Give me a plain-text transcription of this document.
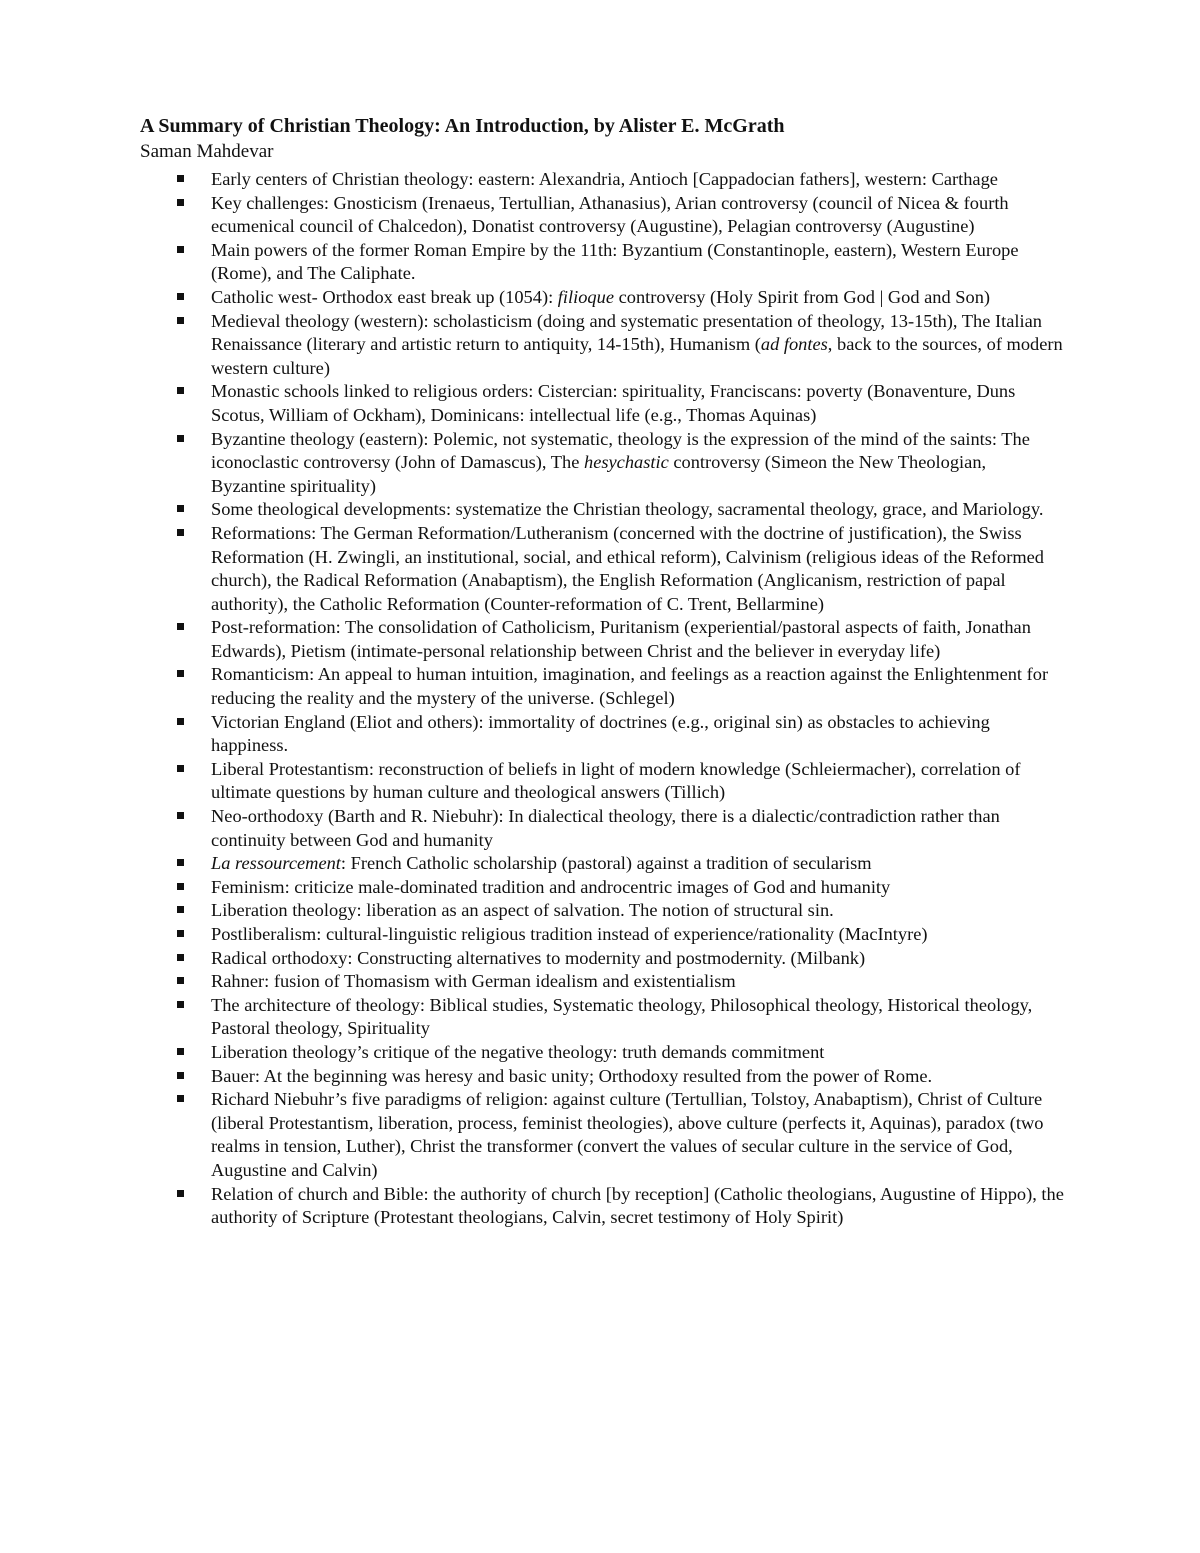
A Summary of Christian Theology: An Introduction, by Alister E. McGrath

Saman Mahdevar

Early centers of Christian theology: eastern: Alexandria, Antioch [Cappadocian fathers], western: Carthage
Key challenges: Gnosticism (Irenaeus, Tertullian, Athanasius), Arian controversy (council of Nicea & fourth ecumenical council of Chalcedon), Donatist controversy (Augustine), Pelagian controversy (Augustine)
Main powers of the former Roman Empire by the 11th: Byzantium (Constantinople, eastern), Western Europe (Rome), and The Caliphate.
Catholic west- Orthodox east break up (1054): filioque controversy (Holy Spirit from God | God and Son)
Medieval theology (western): scholasticism (doing and systematic presentation of theology, 13-15th), The Italian Renaissance (literary and artistic return to antiquity, 14-15th), Humanism (ad fontes, back to the sources, of modern western culture)
Monastic schools linked to religious orders: Cistercian: spirituality, Franciscans: poverty (Bonaventure, Duns Scotus, William of Ockham), Dominicans: intellectual life (e.g., Thomas Aquinas)
Byzantine theology (eastern): Polemic, not systematic, theology is the expression of the mind of the saints: The iconoclastic controversy (John of Damascus), The hesychastic controversy (Simeon the New Theologian, Byzantine spirituality)
Some theological developments: systematize the Christian theology, sacramental theology, grace, and Mariology.
Reformations: The German Reformation/Lutheranism (concerned with the doctrine of justification), the Swiss Reformation (H. Zwingli, an institutional, social, and ethical reform), Calvinism (religious ideas of the Reformed church), the Radical Reformation (Anabaptism), the English Reformation (Anglicanism, restriction of papal authority), the Catholic Reformation (Counter-reformation of C. Trent, Bellarmine)
Post-reformation: The consolidation of Catholicism, Puritanism (experiential/pastoral aspects of faith, Jonathan Edwards), Pietism (intimate-personal relationship between Christ and the believer in everyday life)
Romanticism: An appeal to human intuition, imagination, and feelings as a reaction against the Enlightenment for reducing the reality and the mystery of the universe. (Schlegel)
Victorian England (Eliot and others): immortality of doctrines (e.g., original sin) as obstacles to achieving happiness.
Liberal Protestantism: reconstruction of beliefs in light of modern knowledge (Schleiermacher), correlation of ultimate questions by human culture and theological answers (Tillich)
Neo-orthodoxy (Barth and R. Niebuhr): In dialectical theology, there is a dialectic/contradiction rather than continuity between God and humanity
La ressourcement: French Catholic scholarship (pastoral) against a tradition of secularism
Feminism: criticize male-dominated tradition and androcentric images of God and humanity
Liberation theology: liberation as an aspect of salvation. The notion of structural sin.
Postliberalism: cultural-linguistic religious tradition instead of experience/rationality (MacIntyre)
Radical orthodoxy: Constructing alternatives to modernity and postmodernity. (Milbank)
Rahner: fusion of Thomasism with German idealism and existentialism
The architecture of theology: Biblical studies, Systematic theology, Philosophical theology, Historical theology, Pastoral theology, Spirituality
Liberation theology’s critique of the negative theology: truth demands commitment
Bauer: At the beginning was heresy and basic unity; Orthodoxy resulted from the power of Rome.
Richard Niebuhr’s five paradigms of religion: against culture (Tertullian, Tolstoy, Anabaptism), Christ of Culture (liberal Protestantism, liberation, process, feminist theologies), above culture (perfects it, Aquinas), paradox (two realms in tension, Luther), Christ the transformer (convert the values of secular culture in the service of God, Augustine and Calvin)
Relation of church and Bible: the authority of church [by reception] (Catholic theologians, Augustine of Hippo), the authority of Scripture (Protestant theologians, Calvin, secret testimony of Holy Spirit)
